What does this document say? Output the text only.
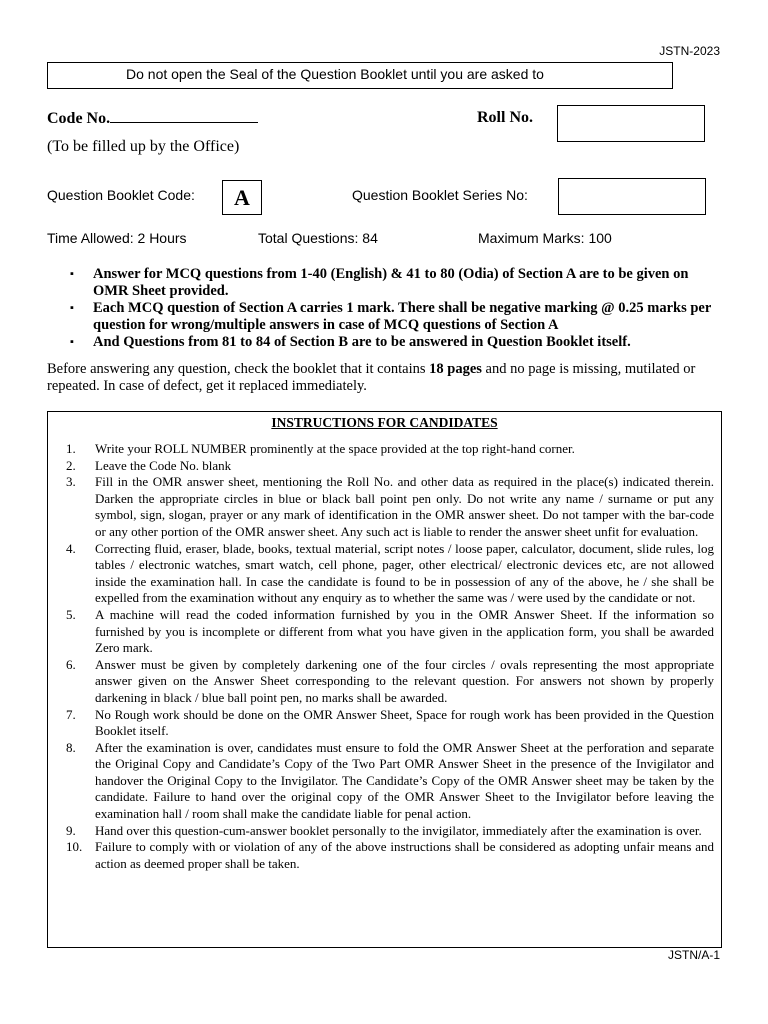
JSTN-2023
Do not open the Seal of the Question Booklet until you are asked to
Code No.	Roll No.
(To be filled up by the Office)
Question Booklet Code:	A	Question Booklet Series No:
Time Allowed: 2 Hours	Total Questions: 84	Maximum Marks: 100
▪ Answer for MCQ questions from 1-40 (English) & 41 to 80 (Odia) of Section A are to be given on OMR Sheet provided.
▪ Each MCQ question of Section A carries 1 mark. There shall be negative marking @ 0.25 marks per question for wrong/multiple answers in case of MCQ questions of Section A
▪ And Questions from 81 to 84 of Section B are to be answered in Question Booklet itself.

Before answering any question, check the booklet that it contains 18 pages and no page is missing, mutilated or repeated. In case of defect, get it replaced immediately.

INSTRUCTIONS FOR CANDIDATES
1.	Write your ROLL NUMBER prominently at the space provided at the top right-hand corner.
2.	Leave the Code No. blank
3.	Fill in the OMR answer sheet, mentioning the Roll No. and other data as required in the place(s) indicated therein. Darken the appropriate circles in blue or black ball point pen only. Do not write any name / surname or put any symbol, sign, slogan, prayer or any mark of identification in the OMR answer sheet. Do not tamper with the bar-code or any other portion of the OMR answer sheet. Any such act is liable to render the answer sheet unfit for evaluation.
4.	Correcting fluid, eraser, blade, books, textual material, script notes / loose paper, calculator, document, slide rules, log tables / electronic watches, smart watch, cell phone, pager, other electrical/ electronic devices etc, are not allowed inside the examination hall. In case the candidate is found to be in possession of any of the above, he / she shall be expelled from the examination without any enquiry as to whether the same was / were used by the candidate or not.
5.	A machine will read the coded information furnished by you in the OMR Answer Sheet. If the information so furnished by you is incomplete or different from what you have given in the application form, you shall be awarded Zero mark.
6.	Answer must be given by completely darkening one of the four circles / ovals representing the most appropriate answer given on the Answer Sheet corresponding to the relevant question. For answers not shown by properly darkening in black / blue ball point pen, no marks shall be awarded.
7.	No Rough work should be done on the OMR Answer Sheet, Space for rough work has been provided in the Question Booklet itself.
8.	After the examination is over, candidates must ensure to fold the OMR Answer Sheet at the perforation and separate the Original Copy and Candidate’s Copy of the Two Part OMR Answer Sheet in the presence of the Invigilator and handover the Original Copy to the Invigilator. The Candidate’s Copy of the OMR Answer sheet may be taken by the candidate. Failure to hand over the original copy of the OMR Answer Sheet to the Invigilator before leaving the examination hall / room shall make the candidate liable for penal action.
9.	Hand over this question-cum-answer booklet personally to the invigilator, immediately after the examination is over.
10. Failure to comply with or violation of any of the above instructions shall be considered as adopting unfair means and action as deemed proper shall be taken.
JSTN/A-1
